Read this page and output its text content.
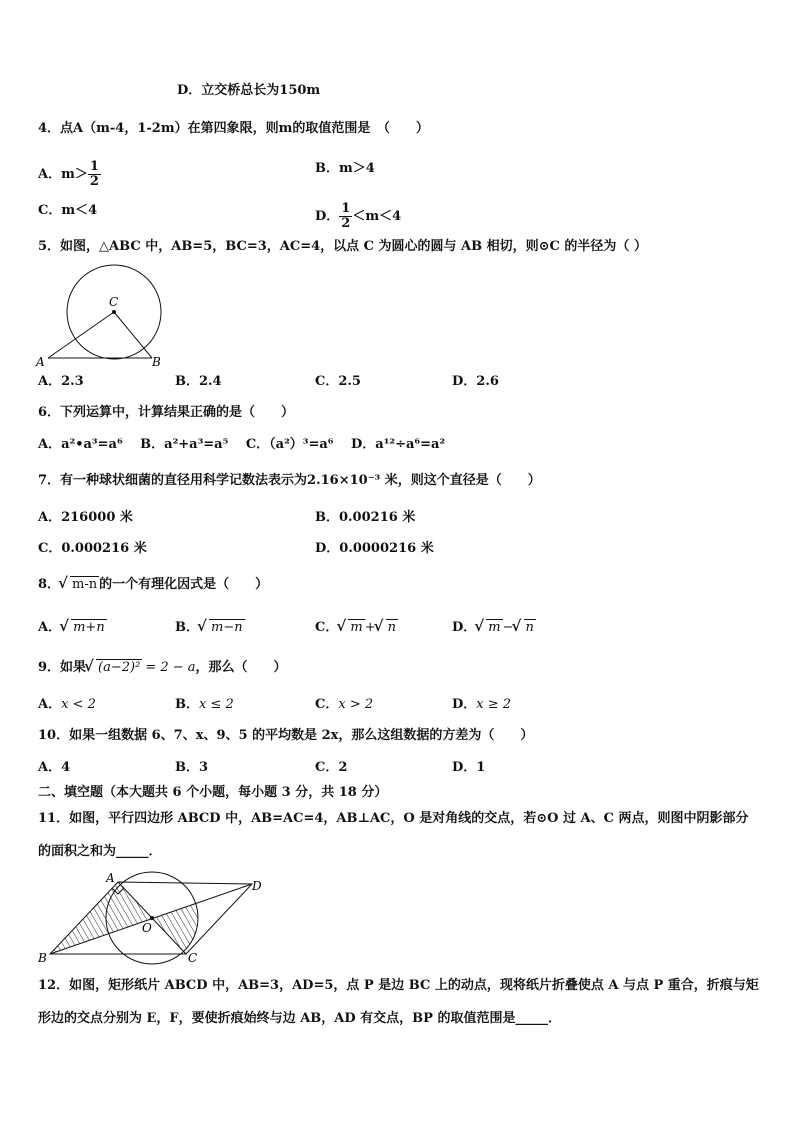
D．立交桥总长为150m
4．点A（m-4，1-2m）在第四象限，则m的取值范围是　（　　）
A．$m> \frac{1}{2}$	B．m＞4
C．m＜4	D． $\frac{1}{2} <m<4$
5．如图，△ABC 中，AB=5，BC=3，AC=4，以点 C 为圆心的圆与 AB 相切，则⊙C 的半径为（ ）
C
A	B
A．2.3	B．2.4	C．2.5	D．2.6
6．下列运算中，计算结果正确的是（　　）
A．a²•a³=a⁶　 B．a²+a³=a⁵　 C．（a²）³=a⁶　 D．a¹²÷a⁶=a²
7．有一种球状细菌的直径用科学记数法表示为2.16×10⁻³ 米，则这个直径是（　　）
A．216000 米	B．0.00216 米
C．0.000216 米	D．0.0000216 米
8． √ m-n 的一个有理化因式是（　　）
A． √ m+n	B． √ m−n	C． √ m + √ n	D． √ m − √ n
9．如果 √ (a−2)² = 2 − a，那么（　　）
A．x < 2	B．x ≤ 2	C．x > 2	D．x ≥ 2
10．如果一组数据 6、7、x、9、5 的平均数是 2x，那么这组数据的方差为（　　）
A．4	B．3	C．2	D．1
二、填空题（本大题共 6 个小题，每小题 3 分，共 18 分）
11．如图，平行四边形 ABCD 中，AB=AC=4，AB⊥AC，O 是对角线的交点，若⊙O 过 A、C 两点，则图中阴影部分
的面积之和为_____．
A
B	C
D
O
12．如图，矩形纸片 ABCD 中，AB=3，AD=5，点 P 是边 BC 上的动点，现将纸片折叠使点 A 与点 P 重合，折痕与矩
形边的交点分别为 E，F，要使折痕始终与边 AB，AD 有交点，BP 的取值范围是_____．
